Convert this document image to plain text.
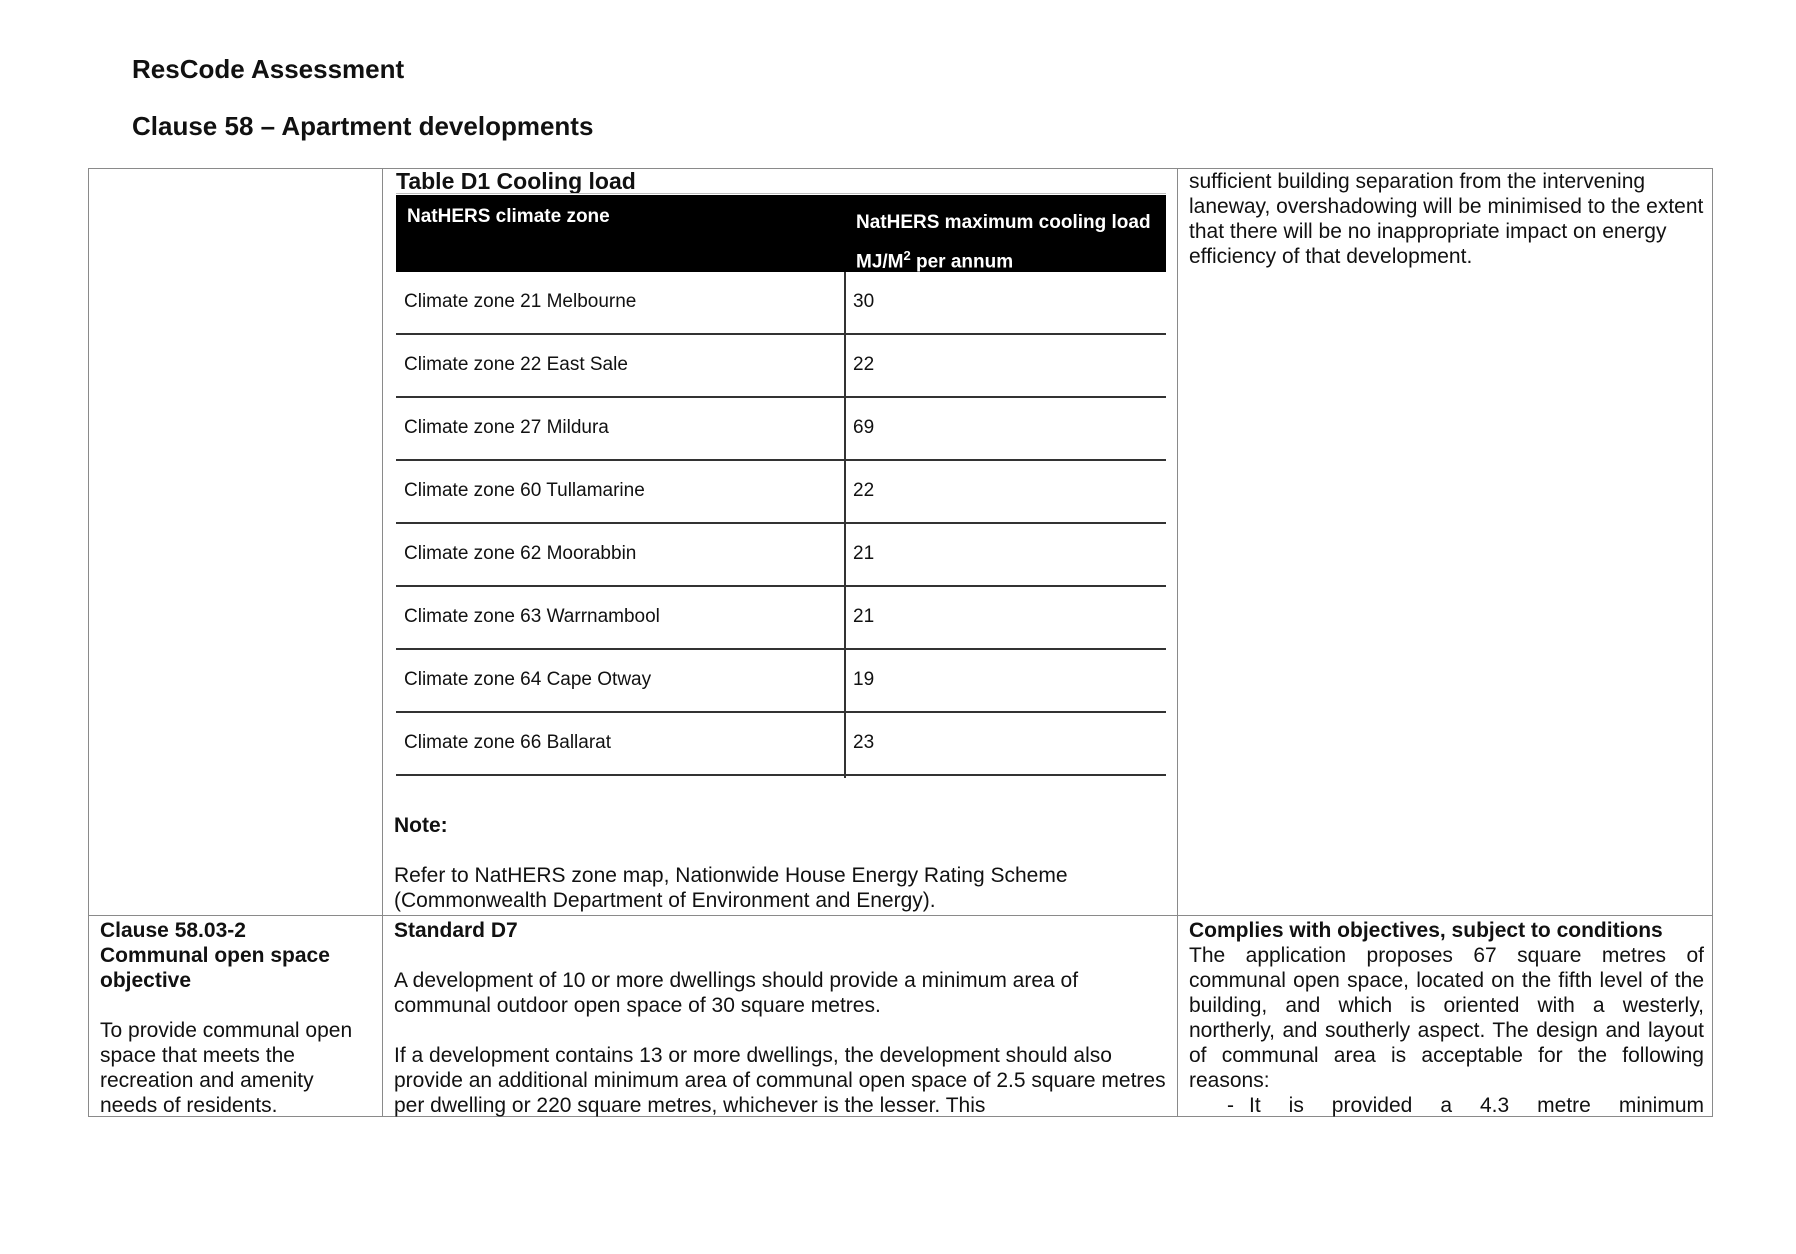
ResCode Assessment
Clause 58 – Apartment developments
Table D1 Cooling load
NatHERS climate zone	NatHERS maximum cooling load
$MJ/M^2$ per annum
Climate zone 21 Melbourne	30
Climate zone 22 East Sale	22
Climate zone 27 Mildura	69
Climate zone 60 Tullamarine	22
Climate zone 62 Moorabbin	21
Climate zone 63 Warrnambool	21
Climate zone 64 Cape Otway	19
Climate zone 66 Ballarat	23
Note:
Refer to NatHERS zone map, Nationwide House Energy Rating Scheme (Commonwealth Department of Environment and Energy).
sufficient building separation from the intervening laneway, overshadowing will be minimised to the extent that there will be no inappropriate impact on energy efficiency of that development.

Clause 58.03-2

Communal open space objective

To provide communal open space that meets the recreation and amenity needs of residents.

Standard D7

A development of 10 or more dwellings should provide a minimum area of communal outdoor open space of 30 square metres.

If a development contains 13 or more dwellings, the development should also provide an additional minimum area of communal open space of 2.5 square metres per dwelling or 220 square metres, whichever is the lesser. This

Complies with objectives, subject to conditions

The application proposes 67 square metres of communal open space, located on the fifth level of the building, and which is oriented with a westerly, northerly, and southerly aspect. The design and layout of communal area is acceptable for the following reasons:

- It is provided a 4.3 metre minimum
